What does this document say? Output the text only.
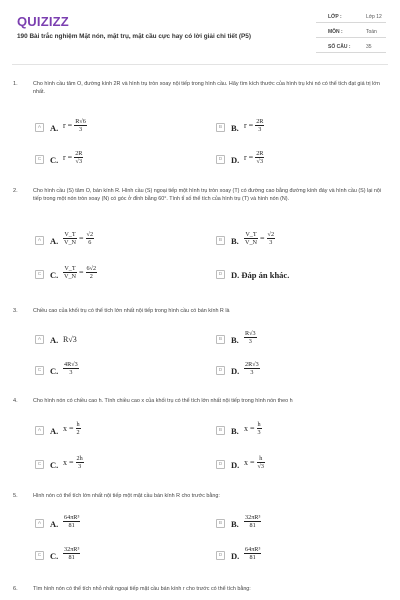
QUIZIZZ
190 Bài trắc nghiệm Mặt nón, mặt trụ, mặt cầu cực hay có lời giải chi tiết (P5)
LỚP :	Lớp 12
MÔN :	Toán
SỐ CÂU :	35
1.	Cho hình cầu tâm O, đường kính 2R và hình trụ tròn xoay nội tiếp trong hình cầu. Hãy tìm kích thước của hình trụ khi nó có thể tích đạt giá trị lớn nhất.
A	A. $r = \frac{R√6}{3}$	B	B. $r = \frac{2R}{3}$
C	C. $r = \frac{2R}{√3}$	D	D. $r = \frac{2R}{√3}$
2.	Cho hình cầu (S) tâm O, bán kính R. Hình cầu (S) ngoại tiếp một hình trụ tròn xoay (T) có đường cao bằng đường kính đáy và hình cầu (S) lại nội tiếp trong một nón tròn xoay (N) có góc ở đỉnh bằng 60°. Tính tỉ số thể tích của hình trụ (T) và hình nón (N).
A	A. $\frac{V\_T}{V\_N} = \frac{√2}{6}$	B	B. $\frac{V\_T}{V\_N} = \frac{√2}{3}$
C	C. $\frac{V\_T}{V\_N} = \frac{6√2}{2}$	D	D. Đáp án khác.
3.	Chiều cao của khối trụ có thể tích lớn nhất nội tiếp trong hình cầu có bán kính R là
A	A. R√3	B	B. $\frac{R√3}{3}$
C	C. $\frac{4R√3}{3}$	D	D. $\frac{2R√3}{3}$
4.	Cho hình nón có chiều cao h. Tính chiều cao x của khối trụ có thể tích lớn nhất nội tiếp trong hình nón theo h
A	A. $x = \frac{h}{2}$	B	B. $x = \frac{h}{3}$
C	C. $x = \frac{2h}{3}$	D	D. $x = \frac{h}{√3}$
5.	Hình nón có thể tích lớn nhất nội tiếp một mặt cầu bán kính R cho trước bằng:
A	A. $\frac{\text{64πR³}}{81}$	B	B. $\frac{\text{32πR³}}{81}$
C	C. $\frac{\text{32πR³}}{81}$	D	D. $\frac{\text{64πR³}}{81}$
6.	Tìm hình nón có thể tích nhỏ nhất ngoại tiếp mặt cầu bán kính r cho trước có thể tích bằng:
